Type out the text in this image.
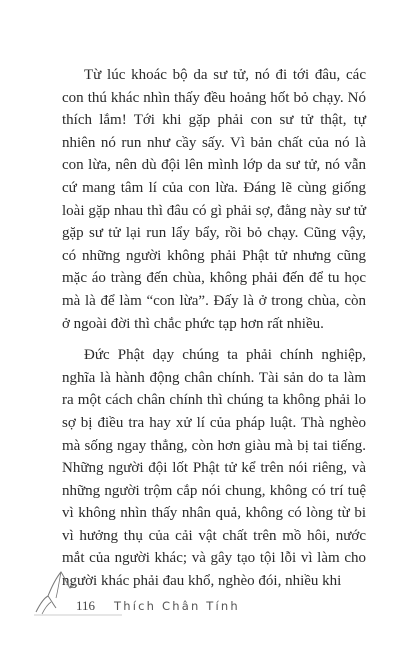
Từ lúc khoác bộ da sư tử, nó đi tới đâu, các con thú khác nhìn thấy đều hoảng hốt bỏ chạy. Nó thích lắm! Tới khi gặp phải con sư tử thật, tự nhiên nó run như cầy sấy. Vì bản chất của nó là con lừa, nên dù đội lên mình lớp da sư tử, nó vẫn cứ mang tâm lí của con lừa. Đáng lẽ cùng giống loài gặp nhau thì đâu có gì phải sợ, đằng này sư tử gặp sư tử lại run lẩy bẩy, rồi bỏ chạy. Cũng vậy, có những người không phải Phật tử nhưng cũng mặc áo tràng đến chùa, không phải đến để tu học mà là để làm “con lừa”. Đấy là ở trong chùa, còn ở ngoài đời thì chắc phức tạp hơn rất nhiều.

Đức Phật dạy chúng ta phải chính nghiệp, nghĩa là hành động chân chính. Tài sản do ta làm ra một cách chân chính thì chúng ta không phải lo sợ bị điều tra hay xử lí của pháp luật. Thà nghèo mà sống ngay thẳng, còn hơn giàu mà bị tai tiếng. Những người đội lốt Phật tử kể trên nói riêng, và những người trộm cắp nói chung, không có trí tuệ vì không nhìn thấy nhân quả, không có lòng từ bi vì hưởng thụ của cải vật chất trên mồ hôi, nước mắt của người khác; và gây tạo tội lỗi vì làm cho người khác phải đau khổ, nghèo đói, nhiều khi

116 Thích Chân Tính
